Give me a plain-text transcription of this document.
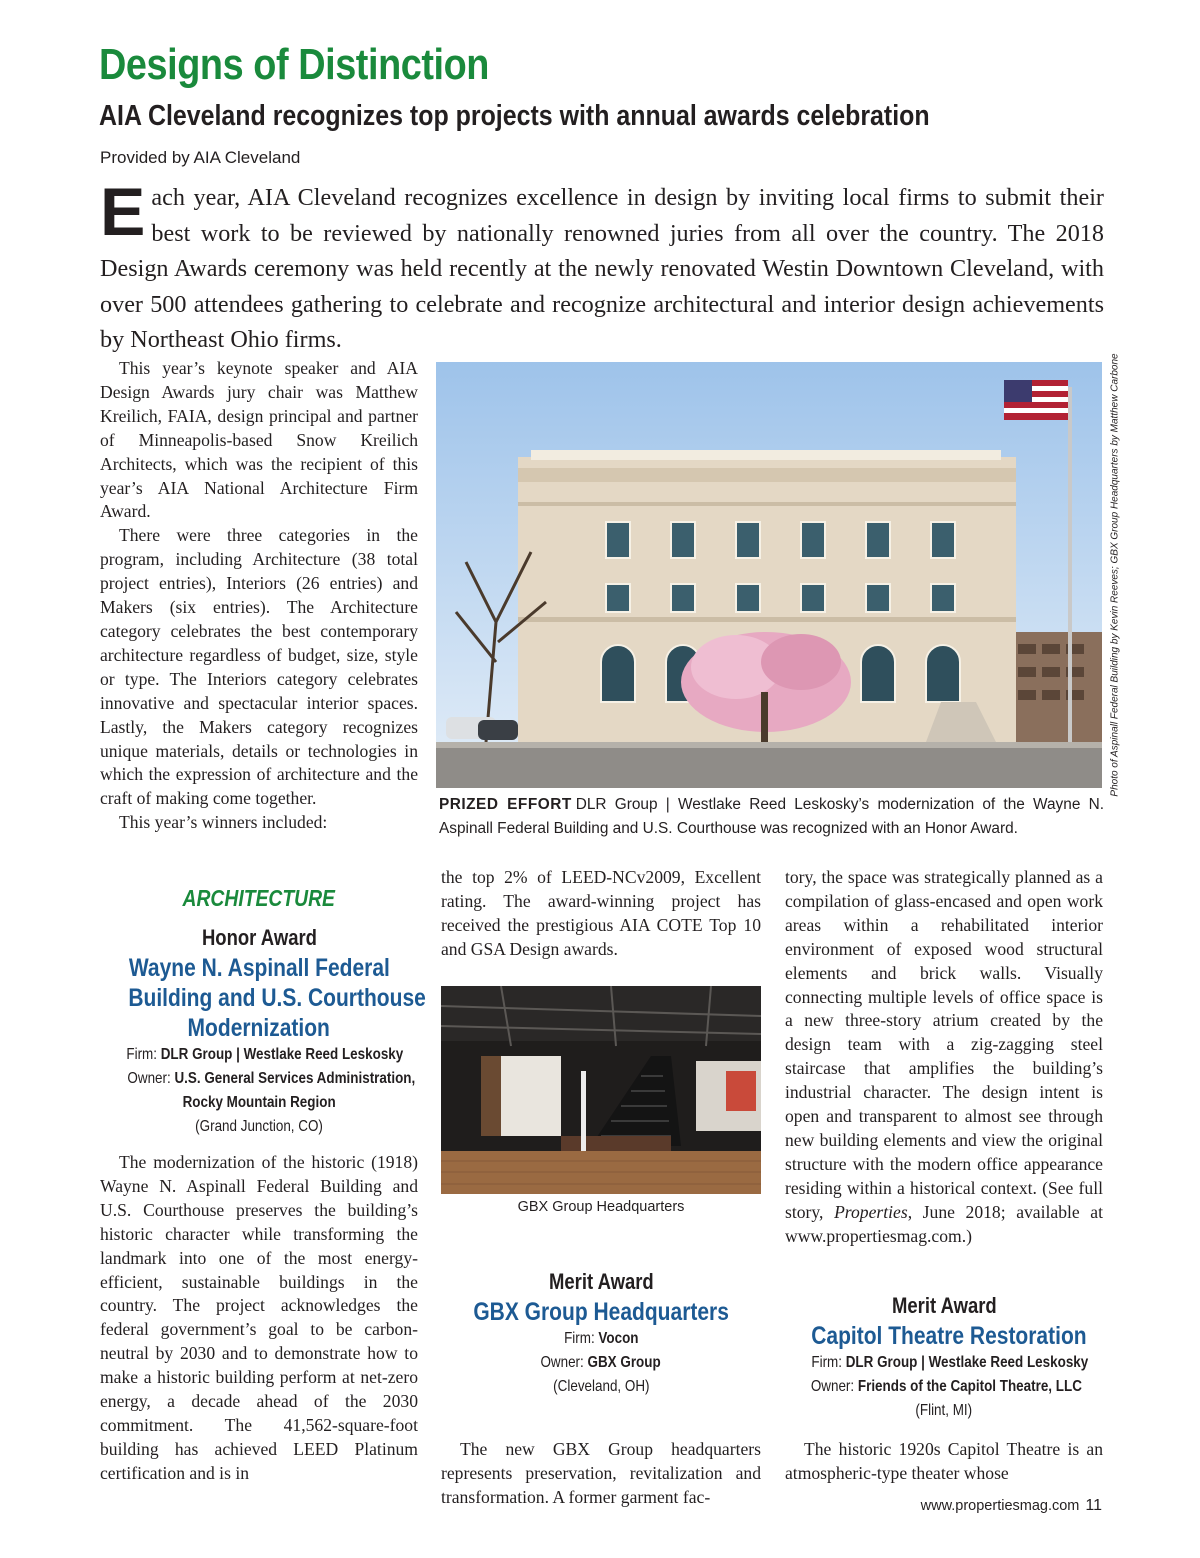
Designs of Distinction
AIA Cleveland recognizes top projects with annual awards celebration
Provided by AIA Cleveland

Each year, AIA Cleveland recognizes excellence in design by inviting local firms to submit their best work to be reviewed by nationally renowned juries from all over the country. The 2018 Design Awards ceremony was held recently at the newly renovated Westin Downtown Cleveland, with over 500 attendees gathering to celebrate and recognize architectural and interior design achievements by Northeast Ohio firms.

This year’s keynote speaker and AIA Design Awards jury chair was Matthew Kreilich, FAIA, design principal and partner of Minneapolis-based Snow Kreilich Architects, which was the recipient of this year’s AIA National Architecture Firm Award.

There were three categories in the program, including Architecture (38 total project entries), Interiors (26 entries) and Makers (six entries). The Architecture category celebrates the best contemporary architecture regardless of budget, size, style or type. The Interiors category celebrates innovative and spectacular interior spaces. Lastly, the Makers category recognizes unique materials, details or technologies in which the expression of architecture and the craft of making come together.

This year’s winners included:

ARCHITECTURE
Honor Award
Wayne N. Aspinall Federal
Building and U.S. Courthouse
Modernization
Firm: DLR Group | Westlake Reed Leskosky
Owner: U.S. General Services Administration,
Rocky Mountain Region
(Grand Junction, CO)

The modernization of the historic (1918) Wayne N. Aspinall Federal Building and U.S. Courthouse preserves the building’s historic character while transforming the landmark into one of the most energy-efficient, sustainable buildings in the country. The project acknowledges the federal government’s goal to be carbon-neutral by 2030 and to demonstrate how to make a historic building perform at net-zero energy, a decade ahead of the 2030 commitment. The 41,562-square-foot building has achieved LEED Platinum certification and is in

Photo of Aspinall Federal Building by Kevin Reeves; GBX Group Headquarters by Matthew Carbone
PRIZED EFFORT DLR Group | Westlake Reed Leskosky’s modernization of the Wayne N. Aspinall Federal Building and U.S. Courthouse was recognized with an Honor Award.

the top 2% of LEED-NCv2009, Excellent rating. The award-winning project has received the prestigious AIA COTE Top 10 and GSA Design awards.

GBX Group Headquarters
Merit Award
GBX Group Headquarters
Firm: Vocon
Owner: GBX Group
(Cleveland, OH)

The new GBX Group headquarters represents preservation, revitalization and transformation. A former garment fac-

tory, the space was strategically planned as a compilation of glass-encased and open work areas within a rehabilitated interior environment of exposed wood structural elements and brick walls. Visually connecting multiple levels of office space is a new three-story atrium created by the design team with a zig-zagging steel staircase that amplifies the building’s industrial character. The design intent is open and transparent to almost see through new building elements and view the original structure with the modern office appearance residing within a historical context. (See full story, Properties, June 2018; available at www.propertiesmag.com.)

Merit Award
Capitol Theatre Restoration
Firm: DLR Group | Westlake Reed Leskosky
Owner: Friends of the Capitol Theatre, LLC
(Flint, MI)

The historic 1920s Capitol Theatre is an atmospheric-type theater whose

www.propertiesmag.com 11
